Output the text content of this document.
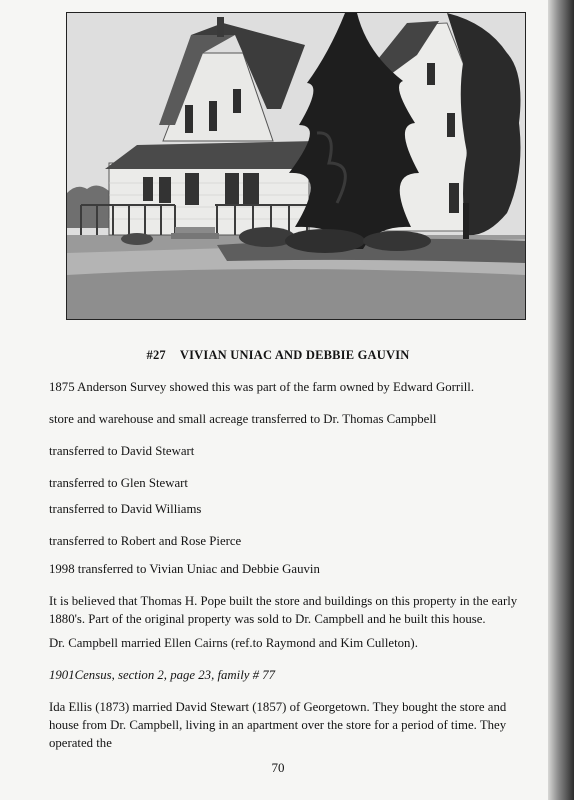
#27 VIVIAN UNIAC AND DEBBIE GAUVIN

1875 Anderson Survey showed this was part of the farm owned by Edward Gorrill.

store and warehouse and small acreage transferred to Dr. Thomas Campbell

transferred to David Stewart

transferred to Glen Stewart

transferred to David Williams

transferred to Robert and Rose Pierce

1998 transferred to Vivian Uniac and Debbie Gauvin

It is believed that Thomas H. Pope built the store and buildings on this property in the early 1880's. Part of the original property was sold to Dr. Campbell and he built this house.

Dr. Campbell married Ellen Cairns (ref.to Raymond and Kim Culleton).

1901Census, section 2, page 23, family # 77

Ida Ellis (1873) married David Stewart (1857) of Georgetown. They bought the store and house from Dr. Campbell, living in an apartment over the store for a period of time. They operated the

70
